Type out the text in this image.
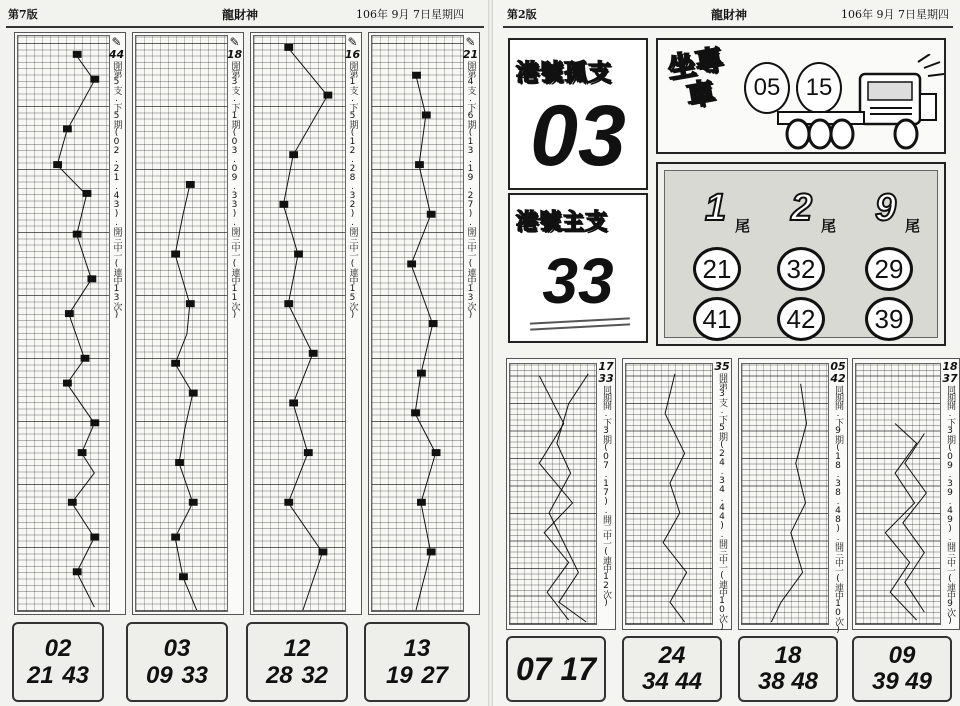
第7版	龍財神	106年 9月 7日星期四
✎
44
開第5支.下5期(02.21.43).開三中一(連中13次)
02
21 43
✎
18
開第3支.下1期(03.09.33).開三中一(連中11次)
03
09 33
✎
16
開第1支.下5期(12.28.32).開三中一(連中15次)
12
28 32
✎
21
開第4支.下6期(13.19.27).開三中一(連中13次)
13
19 27
第2版	龍財神	106年 9月 7日星期四
港號孤支
03
港號主支
33
坐專車	05	15
1 尾 2 尾 9 尾
21	32	29
41	42	39
17
33
同期開.下3期(07.17).開二中一(連中12次)
07 17
35
開第3支.下5期(24.34.44).開三中一(連中10次)
24
34 44
05
42
同期開.下9期(18.38.48).開三中一(連中10次)
18
38 48
18
37
同期開.下3期(09.39.49).開三中一(連中9次)
09
39 49
